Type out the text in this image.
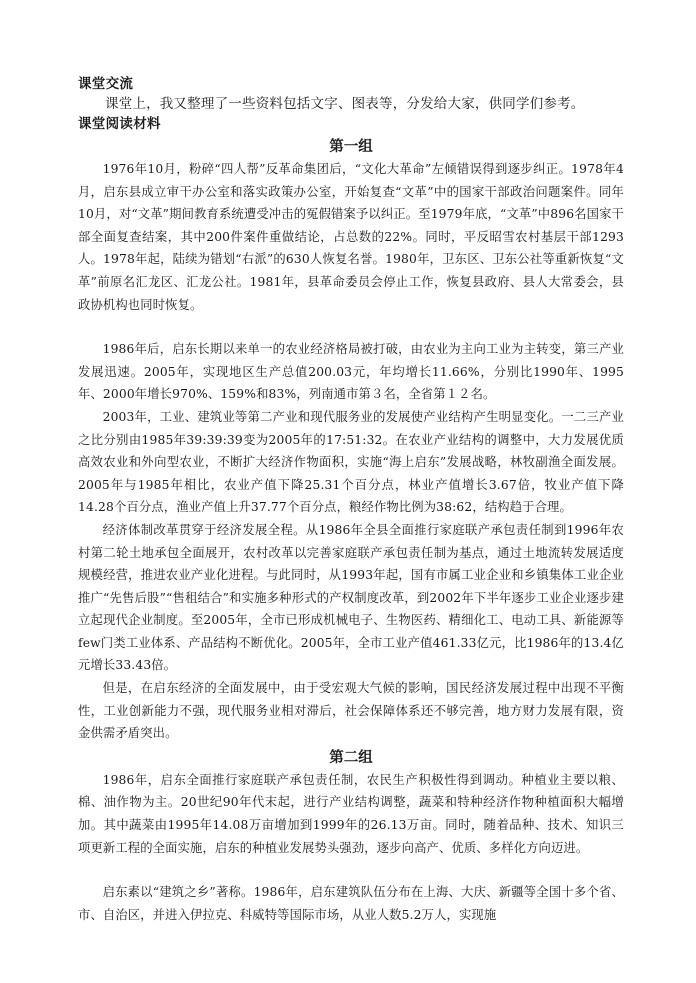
课堂交流

课堂上，我又整理了一些资料包括文字、图表等，分发给大家，供同学们参考。

课堂阅读材料

第一组

1976年10月，粉碎“四人帮”反革命集团后，“文化大革命”左倾错误得到逐步纠正。1978年4月，启东县成立审干办公室和落实政策办公室，开始复查“文革”中的国家干部政治问题案件。同年10月，对“文革”期间教育系统遭受冲击的冤假错案予以纠正。至1979年底，“文革”中896名国家干部全面复查结案，其中200件案件重做结论，占总数的22%。同时，平反昭雪农村基层干部1293人。1978年起，陆续为错划“右派”的630人恢复名誉。1980年，卫东区、卫东公社等重新恢复“文革”前原名汇龙区、汇龙公社。1981年，县革命委员会停止工作，恢复县政府、县人大常委会，县政协机构也同时恢复。

1986年后，启东长期以来单一的农业经济格局被打破，由农业为主向工业为主转变，第三产业发展迅速。2005年，实现地区生产总值200.03元，年均增长11.66%，分别比1990年、1995年、2000年增长970%、159%和83%，列南通市第３名，全省第１２名。

2003年，工业、建筑业等第二产业和现代服务业的发展使产业结构产生明显变化。一二三产业之比分别由1985年39:39:39变为2005年的17:51:32。在农业产业结构的调整中，大力发展优质高效农业和外向型农业，不断扩大经济作物面积，实施“海上启东”发展战略，林牧副渔全面发展。2005年与1985年相比，农业产值下降25.31个百分点，林业产值增长3.67倍，牧业产值下降14.28个百分点，渔业产值上升37.77个百分点，粮经作物比例为38:62，结构趋于合理。

经济体制改革贯穿于经济发展全程。从1986年全县全面推行家庭联产承包责任制到1996年农村第二轮土地承包全面展开，农村改革以完善家庭联产承包责任制为基点，通过土地流转发展适度规模经营，推进农业产业化进程。与此同时，从1993年起，国有市属工业企业和乡镇集体工业企业推广“先售后股”“售租结合”和实施多种形式的产权制度改革，到2002年下半年逐步工业企业逐步建立起现代企业制度。至2005年，全市已形成机械电子、生物医药、精细化工、电动工具、新能源等few门类工业体系、产品结构不断优化。2005年，全市工业产值461.33亿元，比1986年的13.4亿元增长33.43倍。

但是，在启东经济的全面发展中，由于受宏观大气候的影响，国民经济发展过程中出现不平衡性，工业创新能力不强，现代服务业相对滞后，社会保障体系还不够完善，地方财力发展有限，资金供需矛盾突出。

第二组

1986年，启东全面推行家庭联产承包责任制，农民生产积极性得到调动。种植业主要以粮、棉、油作物为主。20世纪90年代末起，进行产业结构调整，蔬菜和特种经济作物种植面积大幅增加。其中蔬菜由1995年14.08万亩增加到1999年的26.13万亩。同时，随着品种、技术、知识三项更新工程的全面实施，启东的种植业发展势头强劲，逐步向高产、优质、多样化方向迈进。

启东素以“建筑之乡”著称。1986年，启东建筑队伍分布在上海、大庆、新疆等全国十多个省、市、自治区，并进入伊拉克、科威特等国际市场，从业人数5.2万人，实现施
